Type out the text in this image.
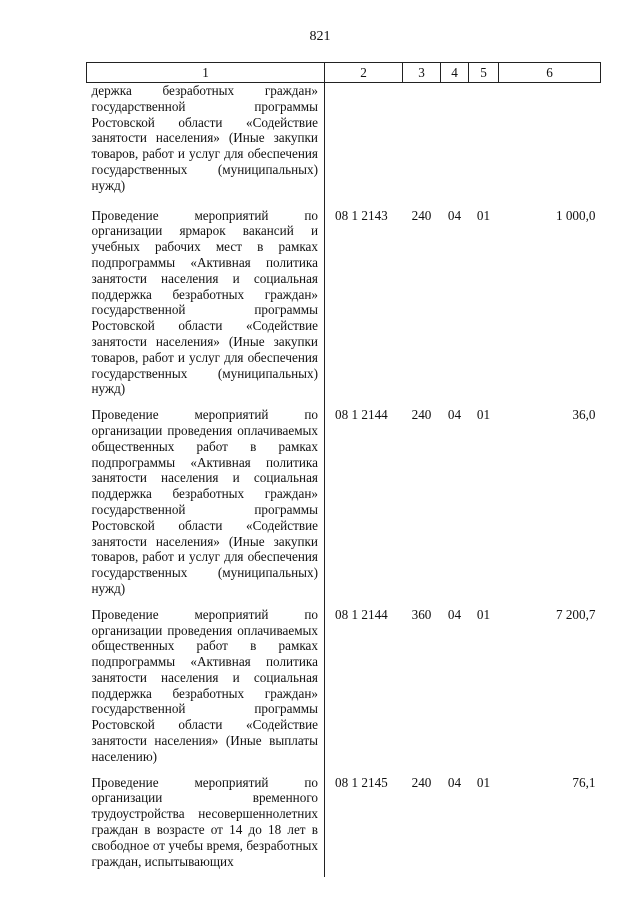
821
1	2	3	4	5	6
держка безработных граждан» государственной программы Ростовской области «Содействие занятости населения» (Иные закупки товаров, работ и услуг для обеспечения государственных (муниципальных) нужд)					
Проведение мероприятий по организации ярмарок вакансий и учебных рабочих мест в рамках подпрограммы «Активная политика занятости населения и социальная поддержка безработных граждан» государственной программы Ростовской области «Содействие занятости населения» (Иные закупки товаров, работ и услуг для обеспечения государственных (муниципальных) нужд)	08 1 2143	240	04	01	1 000,0
Проведение мероприятий по организации проведения оплачиваемых общественных работ в рамках подпрограммы «Активная политика занятости населения и социальная поддержка безработных граждан» государственной программы Ростовской области «Содействие занятости населения» (Иные закупки товаров, работ и услуг для обеспечения государственных (муниципальных) нужд)	08 1 2144	240	04	01	36,0
Проведение мероприятий по организации проведения оплачиваемых общественных работ в рамках подпрограммы «Активная политика занятости населения и социальная поддержка безработных граждан» государственной программы Ростовской области «Содействие занятости населения» (Иные выплаты населению)	08 1 2144	360	04	01	7 200,7
Проведение мероприятий по организации временного трудоустройства несовершеннолетних граждан в возрасте от 14 до 18 лет в свободное от учебы время, безработных граждан, испытывающих	08 1 2145	240	04	01	76,1
